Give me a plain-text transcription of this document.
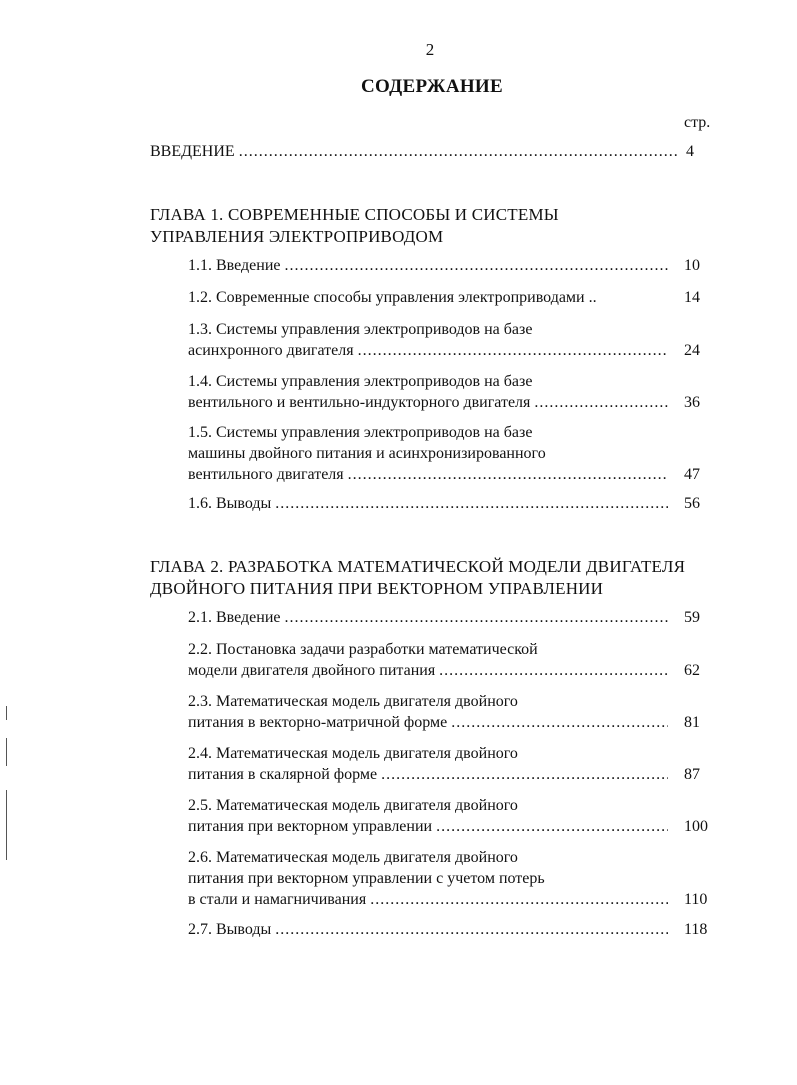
2
СОДЕРЖАНИЕ
стр.
ВВЕДЕНИЕ .....	4
ГЛАВА 1. СОВРЕМЕННЫЕ СПОСОБЫ И СИСТЕМЫ
УПРАВЛЕНИЯ ЭЛЕКТРОПРИВОДОМ
1.1. Введение .....	10
1.2. Современные способы управления электроприводами ..	14
1.3. Системы управления электроприводов на базе
асинхронного двигателя .....	24
1.4. Системы управления электроприводов на базе
вентильного и вентильно-индукторного двигателя .....	36
1.5. Системы управления электроприводов на базе
машины двойного питания и асинхронизированного
вентильного двигателя .....	47
1.6. Выводы .....	56
ГЛАВА 2. РАЗРАБОТКА МАТЕМАТИЧЕСКОЙ МОДЕЛИ ДВИГАТЕЛЯ
ДВОЙНОГО ПИТАНИЯ ПРИ ВЕКТОРНОМ УПРАВЛЕНИИ
2.1. Введение .....	59
2.2. Постановка задачи разработки математической
модели двигателя двойного питания .....	62
2.3. Математическая модель двигателя двойного
питания в векторно-матричной форме .....	81
2.4. Математическая модель двигателя двойного
питания в скалярной форме .....	87
2.5. Математическая модель двигателя двойного
питания при векторном управлении .....	100
2.6. Математическая модель двигателя двойного
питания при векторном управлении с учетом потерь
в стали и намагничивания .....	110
2.7. Выводы .....	118
